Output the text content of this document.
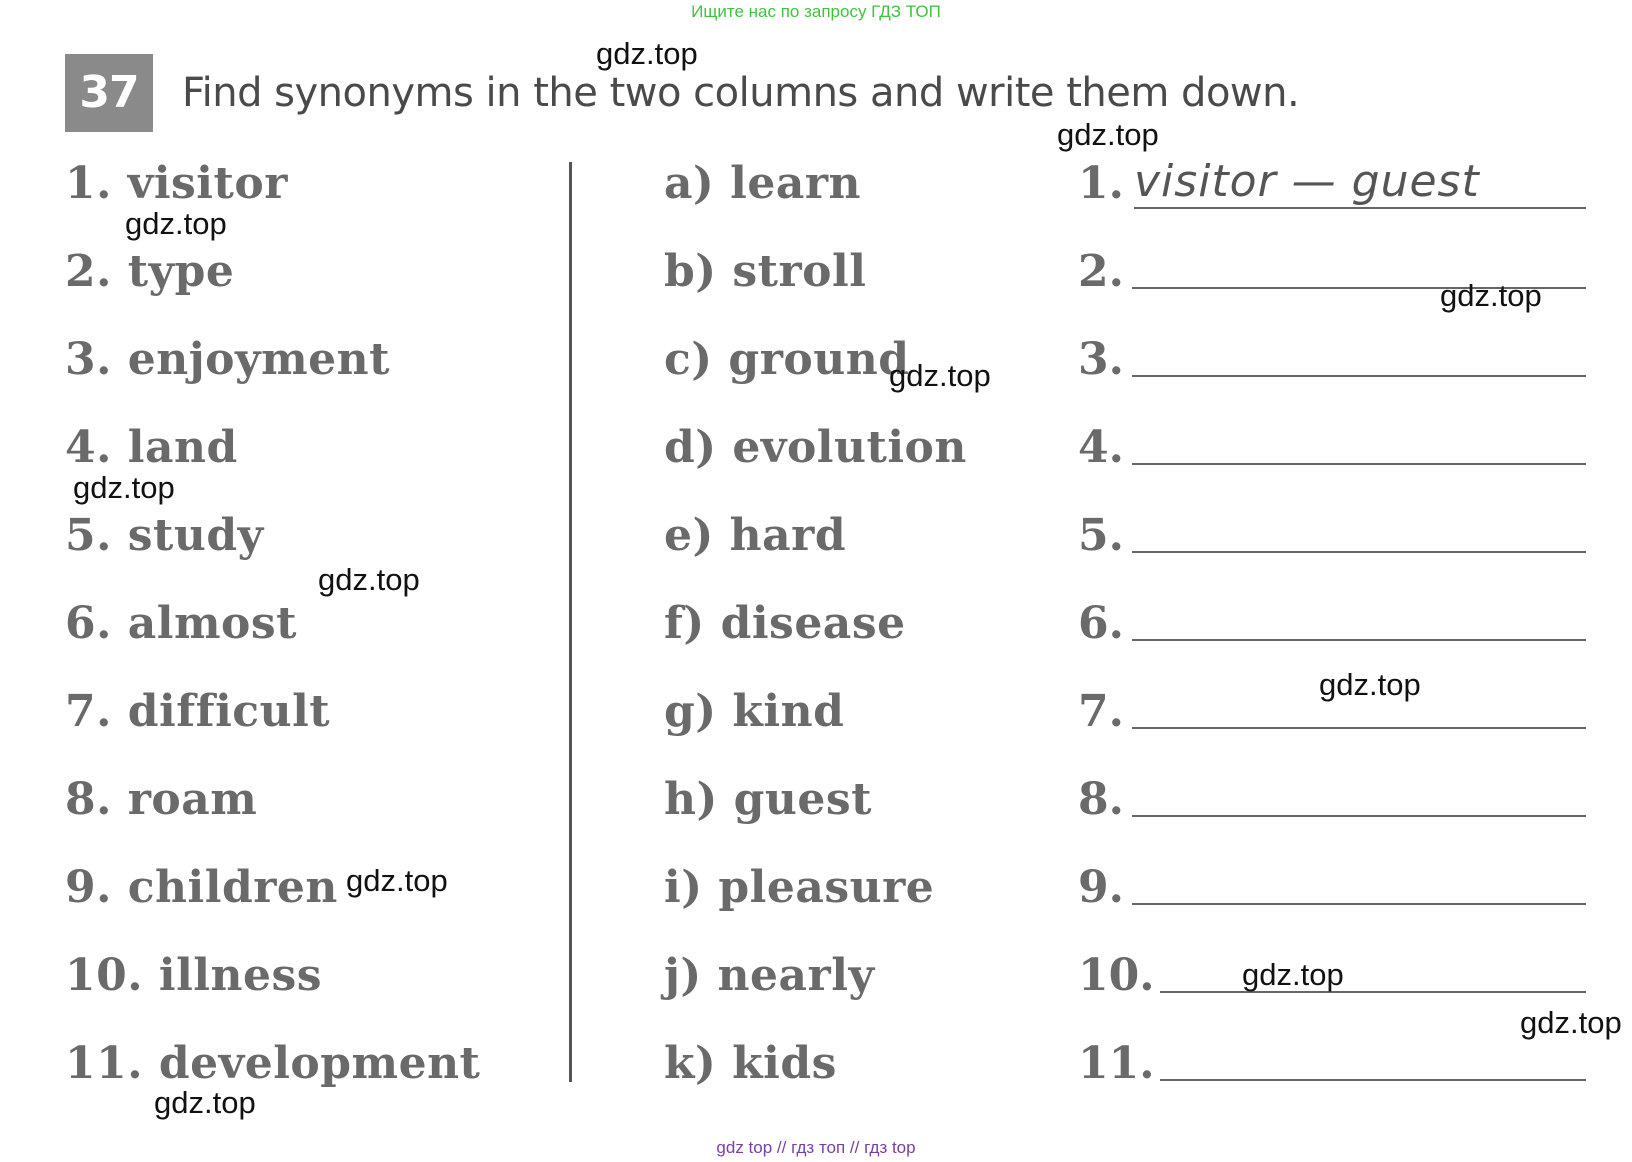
Ищите нас по запросу ГДЗ ТОП
37	Find synonyms in the two columns and write them down.
1. visitor
2. type
3. enjoyment
4. land
5. study
6. almost
7. difficult
8. roam
9. children
10. illness
11. development
a) learn
b) stroll
c) ground
d) evolution
e) hard
f) disease
g) kind
h) guest
i) pleasure
j) nearly
k) kids
1. visitor — guest
2.
3.
4.
5.
6.
7.
8.
9.
10.
11.
gdz.top
gdz.top
gdz.top
gdz.top
gdz.top
gdz.top
gdz.top
gdz.top
gdz.top
gdz.top
gdz.top
gdz.top
gdz top // гдз топ // гдз top
